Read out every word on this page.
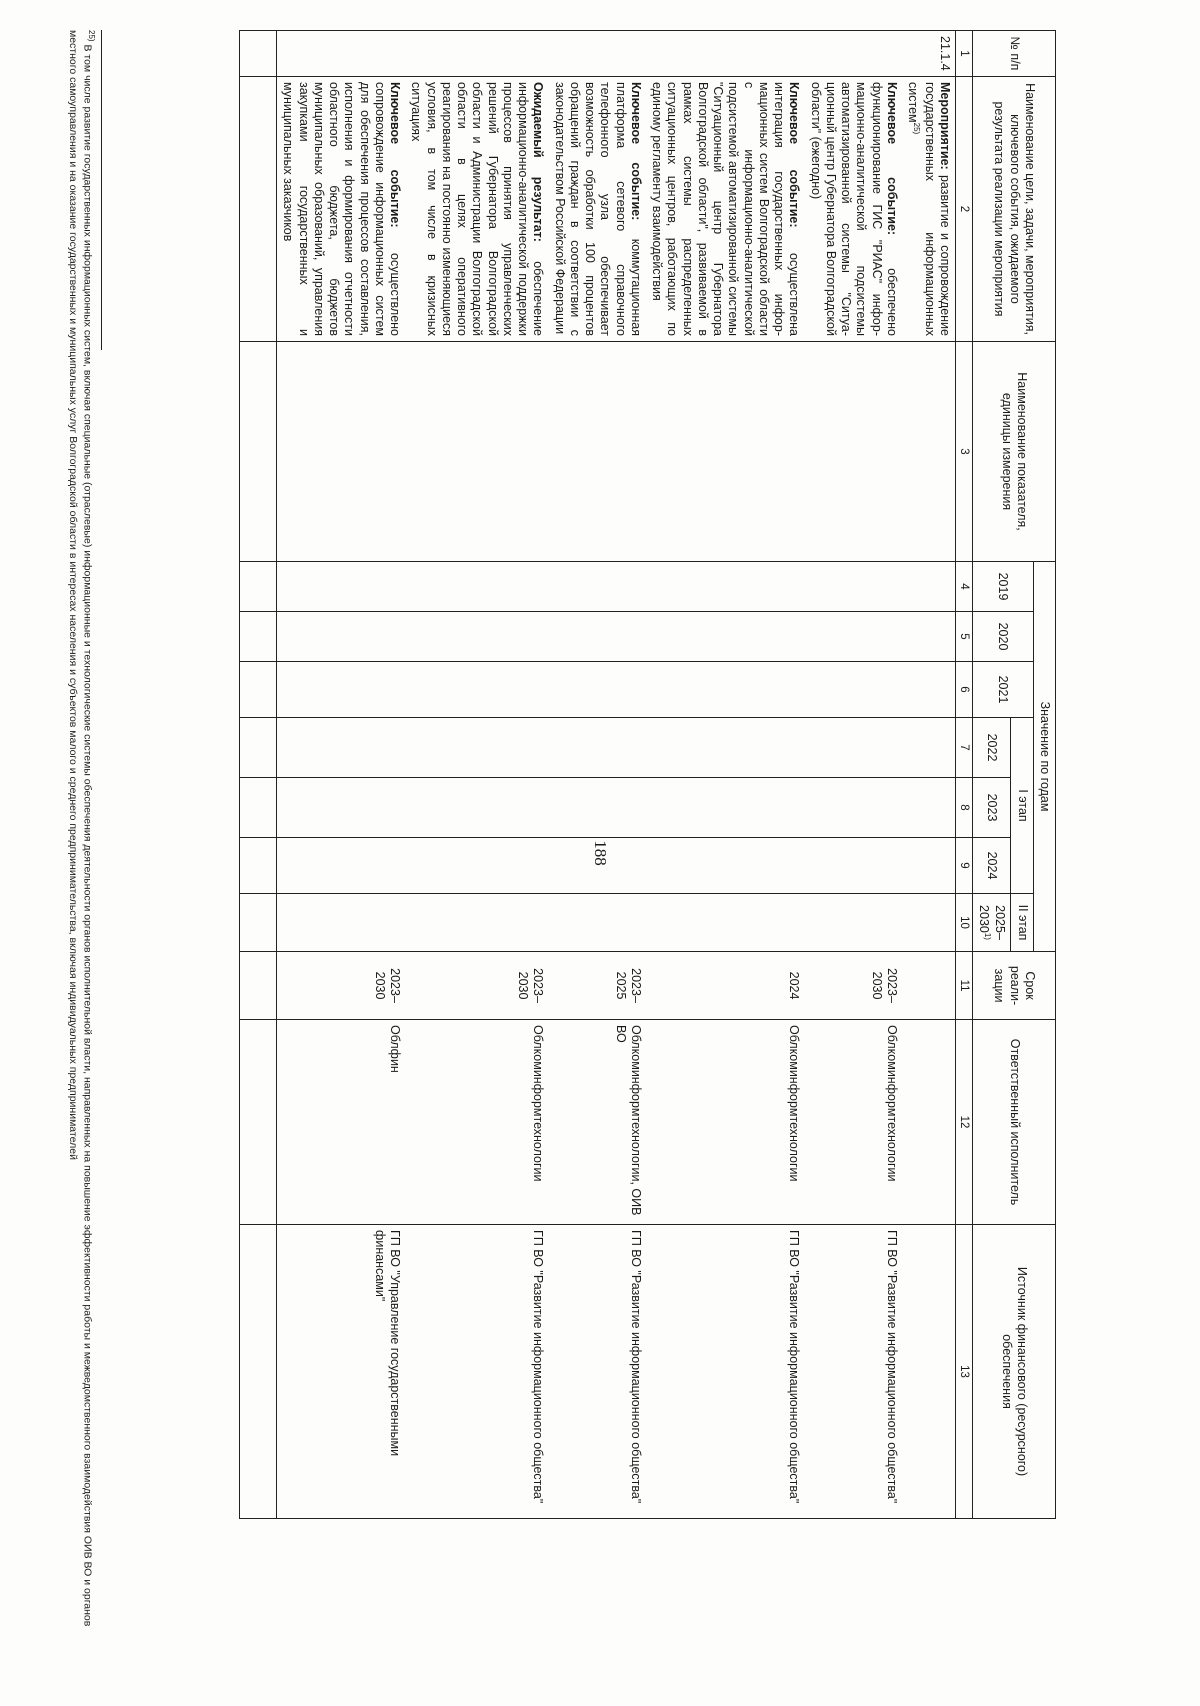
188
№ п/п	Наименование цели, задачи, мероприятия, ключевого события, ожидаемого результата реализации мероприятия	Наименование показателя, единицы измерения	Значение по годам							Срок реализации	Ответственный исполнитель	Источник финансового (ресурсного) обеспечения
			2019	2020	2021	I этап			II этап			
						2022	2023	2024	2025–2030$^{1)}$
1	2	3	4	5	6	7	8	9	10	11	12	13
21.1.4	Мероприятие: развитие и сопровождение государственных информационных систем$^{25)}$											
	Ключевое событие: обеспечено функционирование ГИС "РИАС" информационно-аналитической подсистемы автоматизированной системы "Ситуационный центр Губернатора Волгоградской области" (ежегодно)									2023–2030	Облкоминформтехнологии	ГП ВО "Развитие информационного общества"
	Ключевое событие: осуществлена интеграция государственных информационных систем Волгоградской области с информационно-аналитической подсистемой автоматизированной системы "Ситуационный центр Губернатора Волгоградской области", развиваемой в рамках системы распределенных ситуационных центров, работающих по единому регламенту взаимодействия									2024	Облкоминформтехнологии	ГП ВО "Развитие информационного общества"
	Ключевое событие: коммутационная платформа сетевого справочного телефонного узла обеспечивает возможность обработки 100 процентов обращений граждан в соответствии с законодательством Российской Федерации									2023–2025	Облкоминформтехнологии, ОИВ ВО	ГП ВО "Развитие информационного общества"
	Ожидаемый результат: обеспечение информационно-аналитической поддержки процессов принятия управленческих решений Губернатора Волгоградской области и Администрации Волгоградской области в целях оперативного реагирования на постоянно изменяющиеся условия, в том числе в кризисных ситуациях									2023–2030	Облкоминформтехнологии	ГП ВО "Развитие информационного общества"
	Ключевое событие: осуществлено сопровождение информационных систем для обеспечения процессов составления, исполнения и формирования отчетности областного бюджета, бюджетов муниципальных образований, управления закупками государственных и муниципальных заказчиков									2023–2030	Облфин	ГП ВО "Управление государственными финансами"

$^{25)}$ В том числе развитие государственных информационных систем, включая специальные (отраслевые) информационные и технологические системы обеспечения деятельности органов исполнительной власти, направленных на повышение эффективности работы и межведомственного взаимодействия ОИВ ВО и органов местного самоуправления и на оказание государственных и муниципальных услуг Волгоградской области в интересах населения и субъектов малого и среднего предпринимательства, включая индивидуальных предпринимателей
